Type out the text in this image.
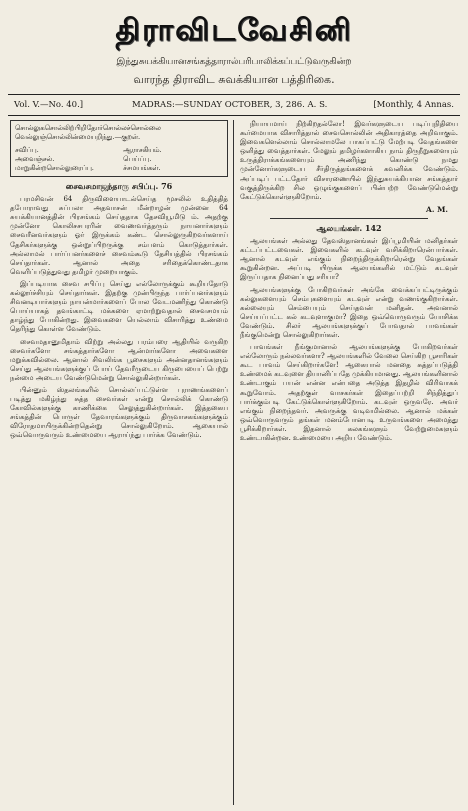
திராவிடவேசினி
இந்துசுயக்கியானசங்கத்தாரால்பரிபாலிக்கப்பட்டுவருகின்ற
வாரந்த திராவிட சுவக்கியான பத்திரிகை.
Vol. V.—No. 40.]	MADRAS:—SUNDAY OCTOBER, 3, 286. A. S.	[Monthly, 4 Annas.
சொல்லுகசொல்லிற்பிறிதோர்சொல்லச்சொல்லை வெல்லுஞ்சொல்லின்மையறிந்து.—குறள்.
சவிப்பு.
அவைஞ்சல்.
மாறுகின்றசொல்லுரைப்பு.
ஆராசகியம்.
பெய்ப்பு.
ச்சமயங்கள்.
சைவசமாஜந்தாரு சபிப்பு. 76

பரமசிவன் 64 திருவிளையாடல்செய்த மூசலில் உதித்தித் தபோராவது சுப்பலா அதவாசன் மீன்றாழன் முன்னை 64 சுயக்கியானத்தின் பிரசங்கம் செய்ததாக தேசவியூமிடு ம். அதற்கு முன்னோ கொலிசசபரரின் வைணவர்த்தரும் நாயனார்களும் சைவரீனவர்களும் ஓர் இருக்கம் கண்ட சொல்லுருகிறவர்களாய் தேசிகர்களுக்கு ஒன்றுப்பிறருக்கு சம்பளம் கொடுத்தார்கள். அல்லாமல் பார்ப்பனர்களைச் சைவம்கூடு தேசியத்தில் பிரசங்கம் செய்தார்கள். ஆனால் அதை சரிதைக்கொண்டதாக வெளிப்படுத்துவது தமிழர் முறையாகும்.

இப்படியாக சைவ சபிப்பு செய்து எல்லோருக்கும் கூறியதோடு கல்லூர்ச்சியும் செய்தார்கள். இதற்கு முன்பிருந்த பார்ப்பனர்களும் சிவனடியார்களும் நாயன்மார்களைப் போல வேடமணிந்து கொண்டு பொய்யாகத் தவங்காட்டி மக்களை ஏமாற்றுவதால் சைவசமயம் தாழ்ந்து போகின்றது. இவைகளை யெல்லாம் விசாரித்து உண்மை தெரிந்து கொள்ள வேண்டும்.

சைவமதானுமிதாம் விற்று அல்லது பரம்பரை ஆதியில் வருகிற சைவர்களோ சங்கத்தார்களோ ஆன்மார்களோ அவைகளை மறுக்கவில்லை. ஆனால் சிவலிங்க பூசைகளும் அன்னதானங்களும் செய்து ஆலயங்களுக்குப் போய் தேவரீருடைய கிருபையைப் பெற்று நன்மை அடைய வேண்டுமென்று சொல்லுகின்றார்கள்.

பின்னும் ஸ்தலங்களில் சொல்லப்பட்டுள்ள புராணங்களைப் படித்து மகிழ்ந்து சுத்த சைவர்கள் என்று சொல்லிக் கொண்டு கோவில்களுக்கு காணிக்கை செலுத்துகின்றார்கள். இத்தகைய சங்கத்தின் பொருள் தேவாரங்களுக்கும் திருவாசகங்களுக்கும் விரோதமாயிருக்கின்றதென்று சொல்லுகிறோம். ஆகையால் ஒவ்வொருவரும் உண்மையை ஆராய்ந்து பார்க்க வேண்டும்.

நியாயமாய் நிற்கிறதல்லோ! இவர்களுடைய படிப்புநிதியை கூர்மையாக விசாரித்தால் சைவசொல்லின் அதிகாரத்தை அறிவாகும். இவைகளெல்லாம் சொல்லாமலே பாகப்பட்டு மேற்படி வேதங்களை ஒளித்து வைத்தார்கள். மேலும் தமிழர்களாகிய நாம் திருநீறுகளையும் உருத்திராக்கங்களையும் அணிந்து கொண்டு நமது முன்னோர்களுடைய சீர்திருத்தங்களைக் கவனிக்க வேண்டும். அப்படிப் பட்டதோர் விசாரணையில் இந்துசுயக்கியான சங்கத்தார் வகுத்திருக்கிற சில ஒழுங்குகளைப் பின்பற்ற வேண்டுமென்று கேட்டுக்கொள்ளுகிறோம்.

A. M.
ஆலயங்கள். 142

ஆலயங்கள் அல்லது தேவஸ்தானங்கள் இப்பூமியின் மனிதர்கள் கட்டப்பட்டவைகள். இவைகளில் கடவுள் வசிக்கிறாரென்பார்கள். ஆனால் கடவுள் எங்கும் நிறைந்திருக்கிறாரென்று வேதங்கள் கூறுகின்றன. அப்படி யிருக்க ஆலயங்களில் மட்டும் கடவுள் இருப்பதாக நினைப்பது சரியா?

ஆலயங்களுக்கு போகிறவர்கள் அங்கே வைக்கப்பட்டிருக்கும் கல்லுகளையும் செம்புகளையும் கடவுள் என்று வணங்குகிறார்கள். கல்லையும் செம்பையும் செய்தவன் மனிதன். அவனால் செய்யப்பட்ட கல் கடவுளாகுமா? இதை ஒவ்வொருவரும் யோசிக்க வேண்டும். சிலர் ஆலயங்களுக்குப் போவதால் பாவங்கள் நீங்குமென்று சொல்லுகிறார்கள்.

பாவங்கள் நீங்குமானால் ஆலயங்களுக்கு போகிறவர்கள் எல்லோரும் நல்லவர்களா? ஆலயங்களில் வேலை செய்கிற பூசாரிகள் கூட பாவம் செய்கிறார்களே! ஆகையால் மனதை சுத்தப்படுத்தி உண்மைக் கடவுளை தியானிப்பதே முக்கியமானது. ஆலயங்களினால் உண்டாகும் பயன் என்ன என்பதை அடுத்த இதழில் விரிவாகக் கூறுவோம். அதற்குள் வாசகர்கள் இதைப்பற்றி சிந்தித்துப் பார்க்கும்படி கேட்டுக்கொள்ளுகிறோம். கடவுள் ஒருவரே. அவர் எங்கும் நிறைந்தவர். அவருக்கு வடிவமில்லை. ஆனால் மக்கள் ஒவ்வொருவரும் தங்கள் மனம்போனபடி உருவங்களை அமைத்து பூசிக்கிறார்கள். இதனால் கலகங்களும் வேற்றுமைகளும் உண்டாகின்றன. உண்மையை அறிய வேண்டும்.
